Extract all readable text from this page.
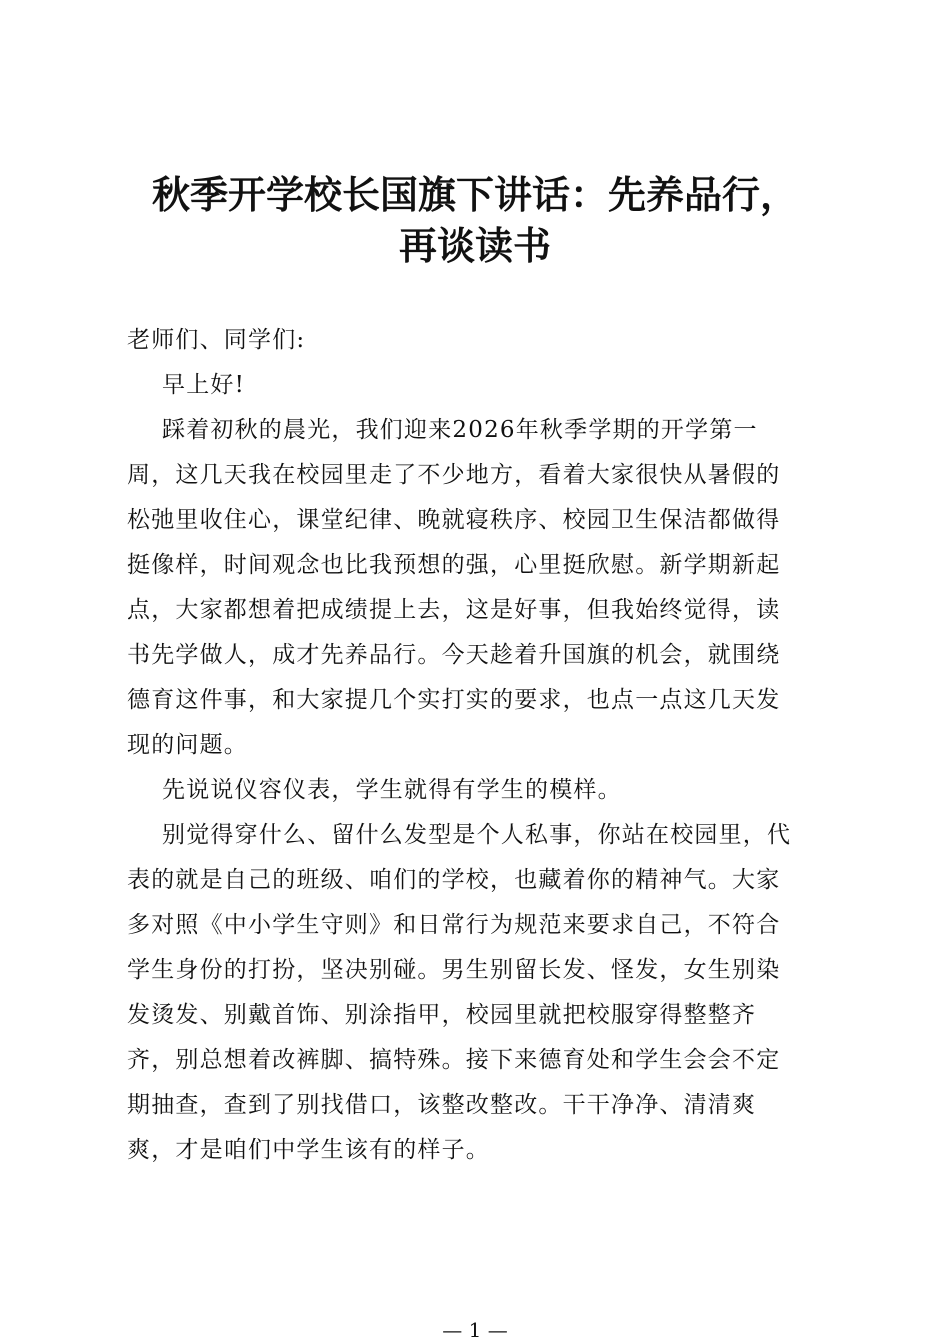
秋季开学校长国旗下讲话：先养品行，
再谈读书

老师们、同学们:

早上好!

踩着初秋的晨光，我们迎来2026年秋季学期的开学第一

周，这几天我在校园里走了不少地方，看着大家很快从暑假的

松弛里收住心，课堂纪律、晚就寝秩序、校园卫生保洁都做得

挺像样，时间观念也比我预想的强，心里挺欣慰。新学期新起

点，大家都想着把成绩提上去，这是好事，但我始终觉得，读

书先学做人，成才先养品行。今天趁着升国旗的机会，就围绕

德育这件事，和大家提几个实打实的要求，也点一点这几天发

现的问题。

先说说仪容仪表，学生就得有学生的模样。

别觉得穿什么、留什么发型是个人私事，你站在校园里，代

表的就是自己的班级、咱们的学校，也藏着你的精神气。大家

多对照《中小学生守则》和日常行为规范来要求自己，不符合

学生身份的打扮，坚决别碰。男生别留长发、怪发，女生别染

发烫发、别戴首饰、别涂指甲，校园里就把校服穿得整整齐

齐，别总想着改裤脚、搞特殊。接下来德育处和学生会会不定

期抽查，查到了别找借口，该整改整改。干干净净、清清爽

爽，才是咱们中学生该有的样子。

— 1 —
